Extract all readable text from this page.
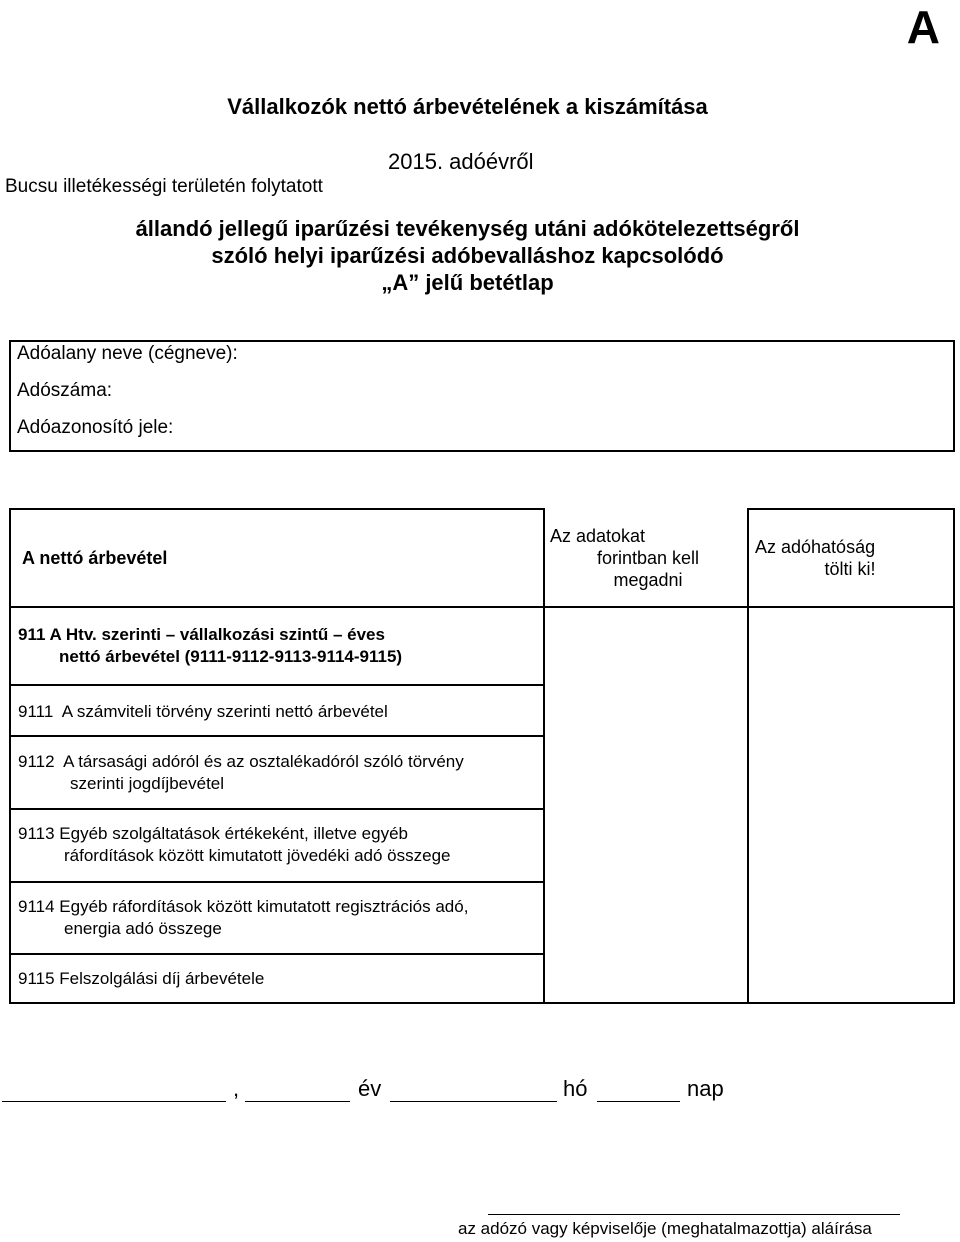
A
Vállalkozók nettó árbevételének a kiszámítása
2015. adóévről
Bucsu illetékességi területén folytatott
állandó jellegű iparűzési tevékenység utáni adókötelezettségről
szóló helyi iparűzési adóbevalláshoz kapcsolódó
„A” jelű betétlap
Adóalany neve (cégneve):
Adószáma:
Adóazonosító jele:
A nettó árbevétel
Az adatokat
forintban kell
megadni
Az adóhatóság
tölti ki!
911 A Htv. szerinti – vállalkozási szintű – éves
nettó árbevétel (9111-9112-9113-9114-9115)
9111  A számviteli törvény szerinti nettó árbevétel
9112  A társasági adóról és az osztalékadóról szóló törvény
szerinti jogdíjbevétel
9113 Egyéb szolgáltatások értékeként, illetve egyéb
ráfordítások között kimutatott jövedéki adó összege
9114 Egyéb ráfordítások között kimutatott regisztrációs adó,
energia adó összege
9115 Felszolgálási díj árbevétele
,	év	hó	nap
az adózó vagy képviselője (meghatalmazottja) aláírása
